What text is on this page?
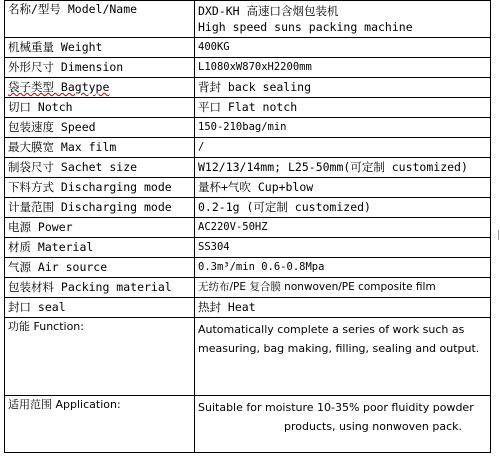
名称/型号 Model/Name	DXD-KH 高速口含烟包装机
High speed suns packing machine

机械重量 Weight	400KG
外形尺寸 Dimension	L1080xW870xH2200mm
袋子类型 Bagtype	背封 back sealing
切口 Notch	平口 Flat notch
包装速度 Speed	150-210bag/min
最大膜宽 Max film	/
制袋尺寸 Sachet size	W12/13/14mm; L25-50mm(可定制 customized)
下料方式 Discharging mode	量杯+气吹 Cup+blow
计量范围 Discharging mode	0.2-1g (可定制 customized)
电源 Power	AC220V-50HZ
材质 Material	SS304
气源 Air source	0.3m³/min 0.6-0.8Mpa
包装材料 Packing material	无纺布/PE 复合膜 nonwoven/PE composite film
封口 seal	热封 Heat
功能 Function:	Automatically complete a series of work such as measuring, bag making, filling, sealing and output.
适用范围 Application:	Suitable for moisture 10-35% poor fluidity powder
products, using nonwoven pack.
